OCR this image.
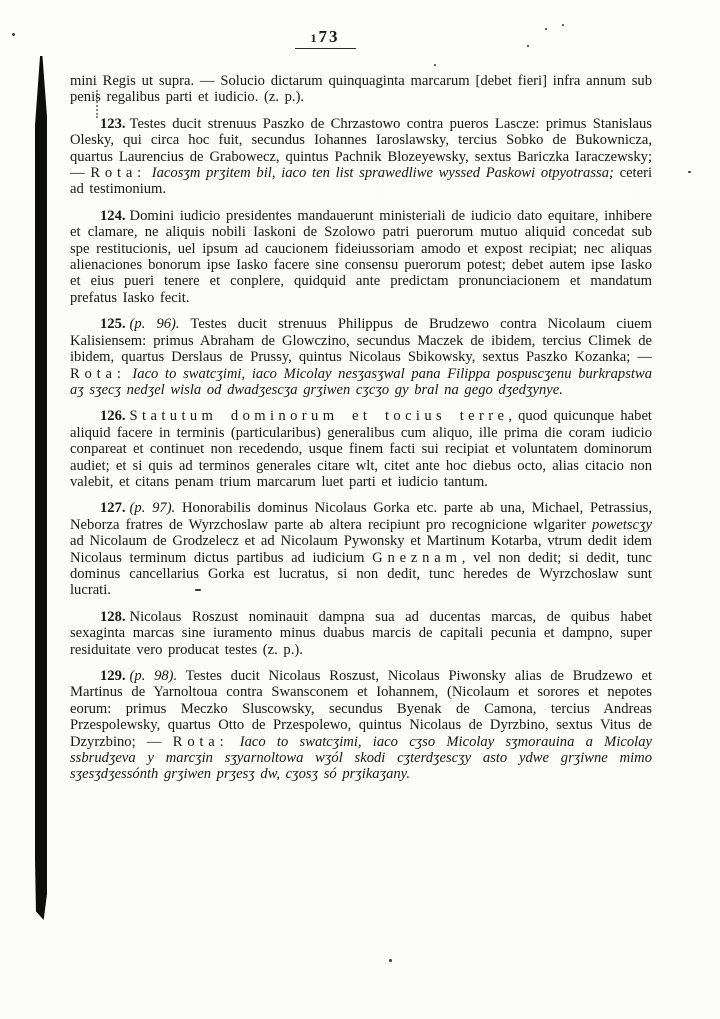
173

mini Regis ut supra. — Solucio dictarum quinquaginta marcarum [debet fieri] infra annum sub penis regalibus parti et iudicio. (z. p.).

123. Testes ducit strenuus Paszko de Chrzastowo contra pueros Lascze: primus Stanislaus Olesky, qui circa hoc fuit, secundus Iohannes Iaroslawsky, tercius Sobko de Bukownicza, quartus Laurencius de Grabowecz, quintus Pachnik Blozeyewsky, sextus Bariczka Iaraczewsky; — Rota: Iacosʒm prʒitem bil, iaco ten list sprawedliwe wyssed Paskowi otpyotrassa; ceteri ad testimonium.

124. Domini iudicio presidentes mandauerunt ministeriali de iudicio dato equitare, inhibere et clamare, ne aliquis nobili Iaskoni de Szolowo patri puerorum mutuo aliquid concedat sub spe restitucionis, uel ipsum ad caucionem fideiussoriam amodo et expost recipiat; nec aliquas alienaciones bonorum ipse Iasko facere sine consensu puerorum potest; debet autem ipse Iasko et eius pueri tenere et conplere, quidquid ante predictam pronunciacionem et mandatum prefatus Iasko fecit.

125. (p. 96). Testes ducit strenuus Philippus de Brudzewo contra Nicolaum ciuem Kalisiensem: primus Abraham de Glowczino, secundus Maczek de ibidem, tercius Climek de ibidem, quartus Derslaus de Prussy, quintus Nicolaus Sbikowsky, sextus Paszko Kozanka; — Rota: Iaco to swatcʒimi, iaco Micolay nesʒasʒwal pana Filippa pospuscʒenu burkrapstwa aʒ sʒecʒ nedʒel wisla od dwadʒescʒa grʒiwen cʒcʒo gy bral na gego dʒedʒynye.

126. Statutum dominorum et tocius terre, quod quicunque habet aliquid facere in terminis (particularibus) generalibus cum aliquo, ille prima die coram iudicio conpareat et continuet non recedendo, usque finem facti sui recipiat et voluntatem dominorum audiet; et si quis ad terminos generales citare wlt, citet ante hoc diebus octo, alias citacio non valebit, et citans penam trium marcarum luet parti et iudicio tantum.

127. (p. 97). Honorabilis dominus Nicolaus Gorka etc. parte ab una, Michael, Petrassius, Neborza fratres de Wyrzchoslaw parte ab altera recipiunt pro recognicione wlgariter powetscʒy ad Nicolaum de Grodzelecz et ad Nicolaum Pywonsky et Martinum Kotarba, vtrum dedit idem Nicolaus terminum dictus partibus ad iudicium Gneznam, vel non dedit; si dedit, tunc dominus cancellarius Gorka est lucratus, si non dedit, tunc heredes de Wyrzchoslaw sunt lucrati.

128. Nicolaus Roszust nominauit dampna sua ad ducentas marcas, de quibus habet sexaginta marcas sine iuramento minus duabus marcis de capitali pecunia et dampno, super residuitate vero producat testes (z. p.).

129. (p. 98). Testes ducit Nicolaus Roszust, Nicolaus Piwonsky alias de Brudzewo et Martinus de Yarnoltoua contra Swansconem et Iohannem, (Nicolaum et sorores et nepotes eorum: primus Meczko Sluscowsky, secundus Byenak de Camona, tercius Andreas Przespolewsky, quartus Otto de Przespolewo, quintus Nicolaus de Dyrzbino, sextus Vitus de Dzyrzbino; — Rota: Iaco to swatcʒimi, iaco cʒso Micolay sʒmorauina a Micolay ssbrudʒeva y marcʒin sʒyarnoltowa wʒól skodi cʒterdʒescʒy asto ydwe grʒiwne mimo sʒesʒdʒessónth grʒiwen prʒesʒ dw, cʒosʒ só prʒikaʒany.
